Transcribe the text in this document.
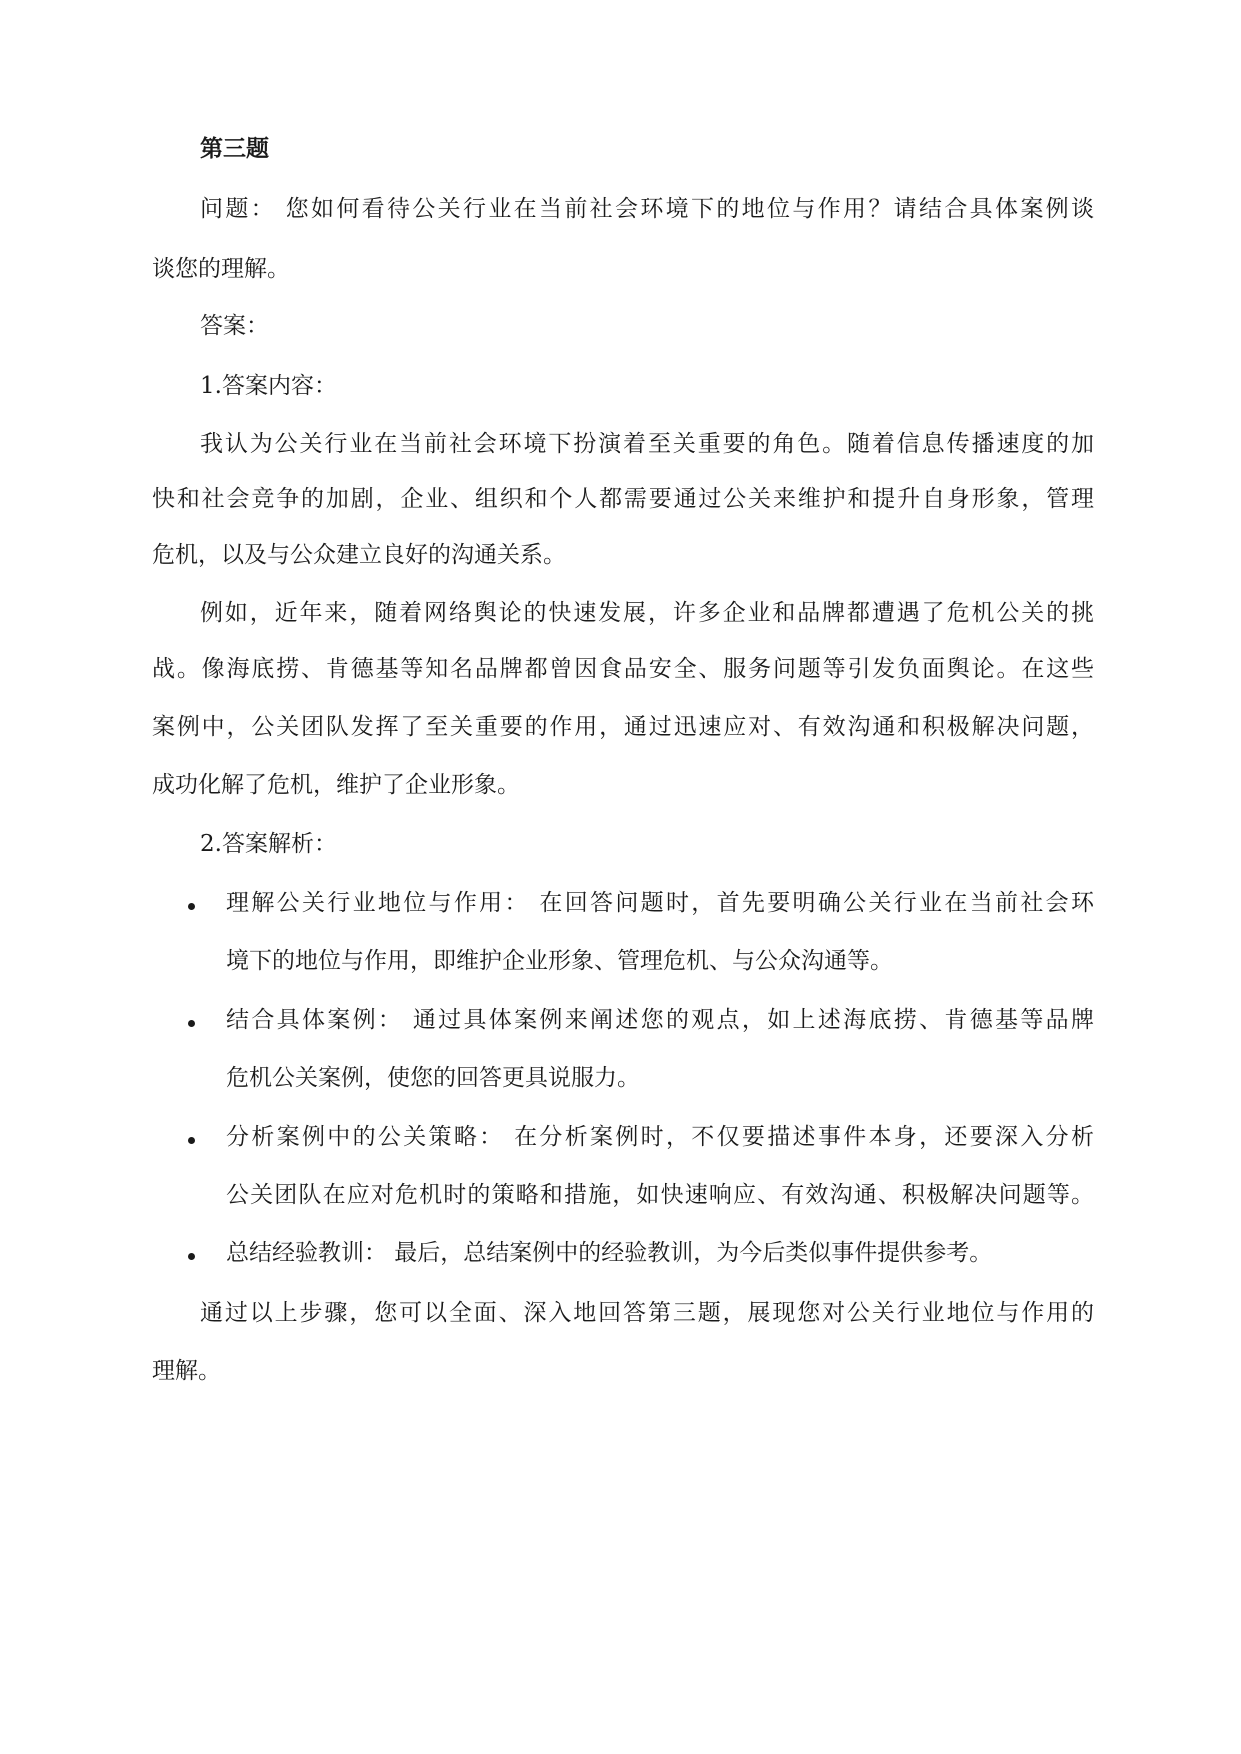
第三题
问题： 您如何看待公关行业在当前社会环境下的地位与作用？请结合具体案例谈
谈您的理解。
答案：
1.答案内容：
我认为公关行业在当前社会环境下扮演着至关重要的角色。随着信息传播速度的加
快和社会竞争的加剧，企业、组织和个人都需要通过公关来维护和提升自身形象，管理
危机，以及与公众建立良好的沟通关系。
例如，近年来，随着网络舆论的快速发展，许多企业和品牌都遭遇了危机公关的挑
战。像海底捞、肯德基等知名品牌都曾因食品安全、服务问题等引发负面舆论。在这些
案例中，公关团队发挥了至关重要的作用，通过迅速应对、有效沟通和积极解决问题，
成功化解了危机，维护了企业形象。
2.答案解析：
理解公关行业地位与作用： 在回答问题时，首先要明确公关行业在当前社会环
境下的地位与作用，即维护企业形象、管理危机、与公众沟通等。
结合具体案例： 通过具体案例来阐述您的观点，如上述海底捞、肯德基等品牌
危机公关案例，使您的回答更具说服力。
分析案例中的公关策略： 在分析案例时，不仅要描述事件本身，还要深入分析
公关团队在应对危机时的策略和措施，如快速响应、有效沟通、积极解决问题等。
总结经验教训： 最后，总结案例中的经验教训，为今后类似事件提供参考。
通过以上步骤，您可以全面、深入地回答第三题，展现您对公关行业地位与作用的
理解。
